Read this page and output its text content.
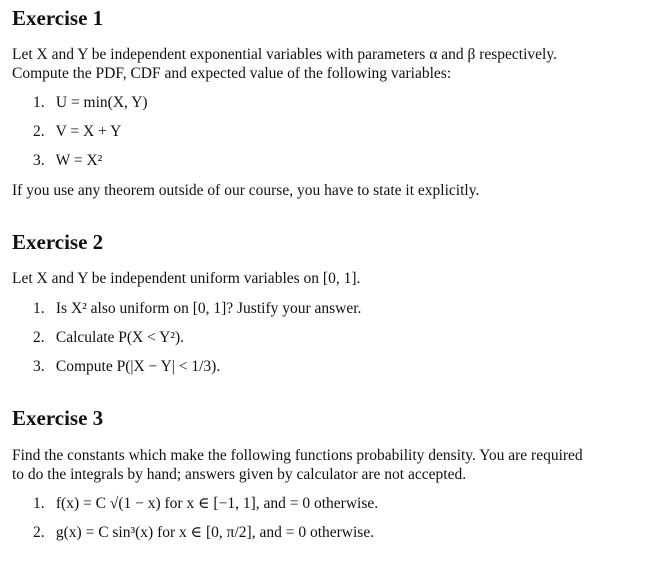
Exercise 1

Let X and Y be independent exponential variables with parameters α and β respectively.

Compute the PDF, CDF and expected value of the following variables:

1. U = min(X, Y)
2. V = X + Y
3. W = X²

If you use any theorem outside of our course, you have to state it explicitly.

Exercise 2

Let X and Y be independent uniform variables on [0, 1].

1. Is X² also uniform on [0, 1]? Justify your answer.
2. Calculate P(X < Y²).
3. Compute P(|X − Y| < 1/3).
Exercise 3

Find the constants which make the following functions probability density. You are required

to do the integrals by hand; answers given by calculator are not accepted.

1. f(x) = C √(1 − x) for x ∈ [−1, 1], and = 0 otherwise.
2. g(x) = C sin³(x) for x ∈ [0, π/2], and = 0 otherwise.
